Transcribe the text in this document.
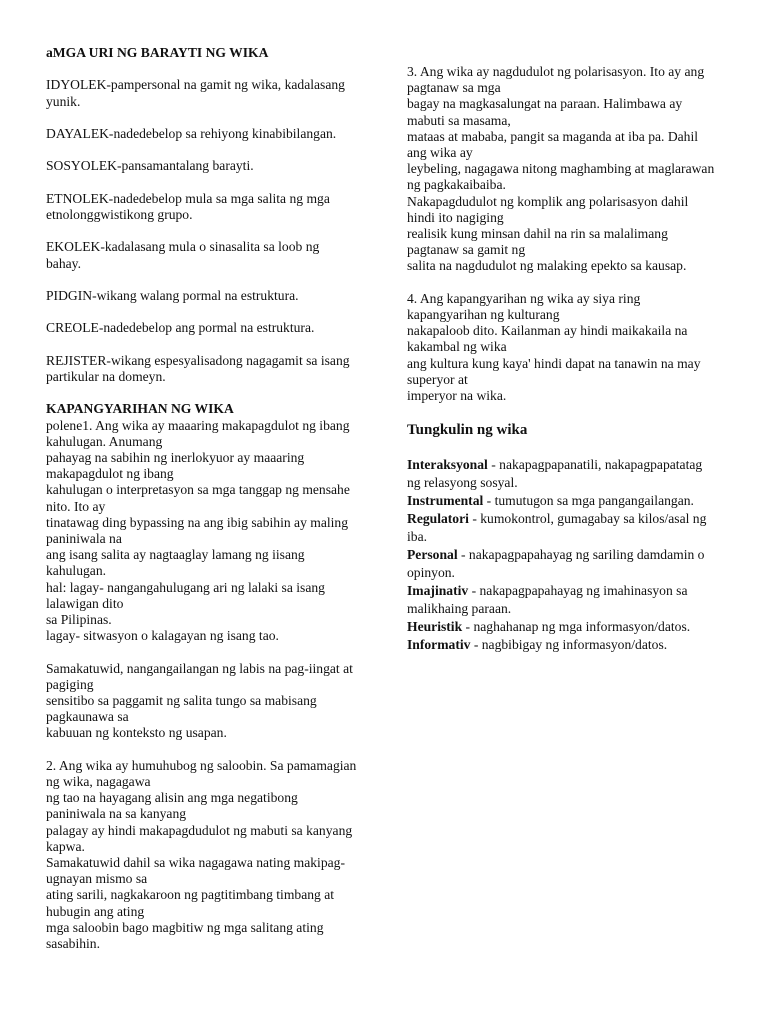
aMGA URI NG BARAYTI NG WIKA
IDYOLEK-pampersonal na gamit ng wika, kadalasang
yunik.
DAYALEK-nadedebelop sa rehiyong kinabibilangan.
SOSYOLEK-pansamantalang barayti.
ETNOLEK-nadedebelop mula sa mga salita ng mga
etnolonggwistikong grupo.
EKOLEK-kadalasang mula o sinasalita sa loob ng
bahay.
PIDGIN-wikang walang pormal na estruktura.
CREOLE-nadedebelop ang pormal na estruktura.
REJISTER-wikang espesyalisadong nagagamit sa isang
partikular na domeyn.
KAPANGYARIHAN NG WIKA
polene1. Ang wika ay maaaring makapagdulot ng ibang
kahulugan. Anumang
pahayag na sabihin ng inerlokyuor ay maaaring
makapagdulot ng ibang
kahulugan o interpretasyon sa mga tanggap ng mensahe
nito. Ito ay
tinatawag ding bypassing na ang ibig sabihin ay maling
paniniwala na
ang isang salita ay nagtaaglay lamang ng iisang
kahulugan.
hal: lagay- nangangahulugang ari ng lalaki sa isang
lalawigan dito
sa Pilipinas.
lagay- sitwasyon o kalagayan ng isang tao.
Samakatuwid, nangangailangan ng labis na pag-iingat at
pagiging
sensitibo sa paggamit ng salita tungo sa mabisang
pagkaunawa sa
kabuuan ng konteksto ng usapan.
2. Ang wika ay humuhubog ng saloobin. Sa pamamagian
ng wika, nagagawa
ng tao na hayagang alisin ang mga negatibong
paniniwala na sa kanyang
palagay ay hindi makapagdudulot ng mabuti sa kanyang
kapwa.
Samakatuwid dahil sa wika nagagawa nating makipag-
ugnayan mismo sa
ating sarili, nagkakaroon ng pagtitimbang timbang at
hubugin ang ating
mga saloobin bago magbitiw ng mga salitang ating
sasabihin.
3. Ang wika ay nagdudulot ng polarisasyon. Ito ay ang
pagtanaw sa mga
bagay na magkasalungat na paraan. Halimbawa ay
mabuti sa masama,
mataas at mababa, pangit sa maganda at iba pa. Dahil
ang wika ay
leybeling, nagagawa nitong maghambing at maglarawan
ng pagkakaibaiba.
Nakapagdudulot ng komplik ang polarisasyon dahil
hindi ito nagiging
realisik kung minsan dahil na rin sa malalimang
pagtanaw sa gamit ng
salita na nagdudulot ng malaking epekto sa kausap.
4. Ang kapangyarihan ng wika ay siya ring
kapangyarihan ng kulturang
nakapaloob dito. Kailanman ay hindi maikakaila na
kakambal ng wika
ang kultura kung kaya' hindi dapat na tanawin na may
superyor at
imperyor na wika.
Tungkulin ng wika
Interaksyonal - nakapagpapanatili, nakapagpapatatag
ng relasyong sosyal.
Instrumental - tumutugon sa mga pangangailangan.
Regulatori - kumokontrol, gumagabay sa kilos/asal ng
iba.
Personal - nakapagpapahayag ng sariling damdamin o
opinyon.
Imajinativ - nakapagpapahayag ng imahinasyon sa
malikhaing paraan.
Heuristik - naghahanap ng mga informasyon/datos.
Informativ - nagbibigay ng informasyon/datos.
